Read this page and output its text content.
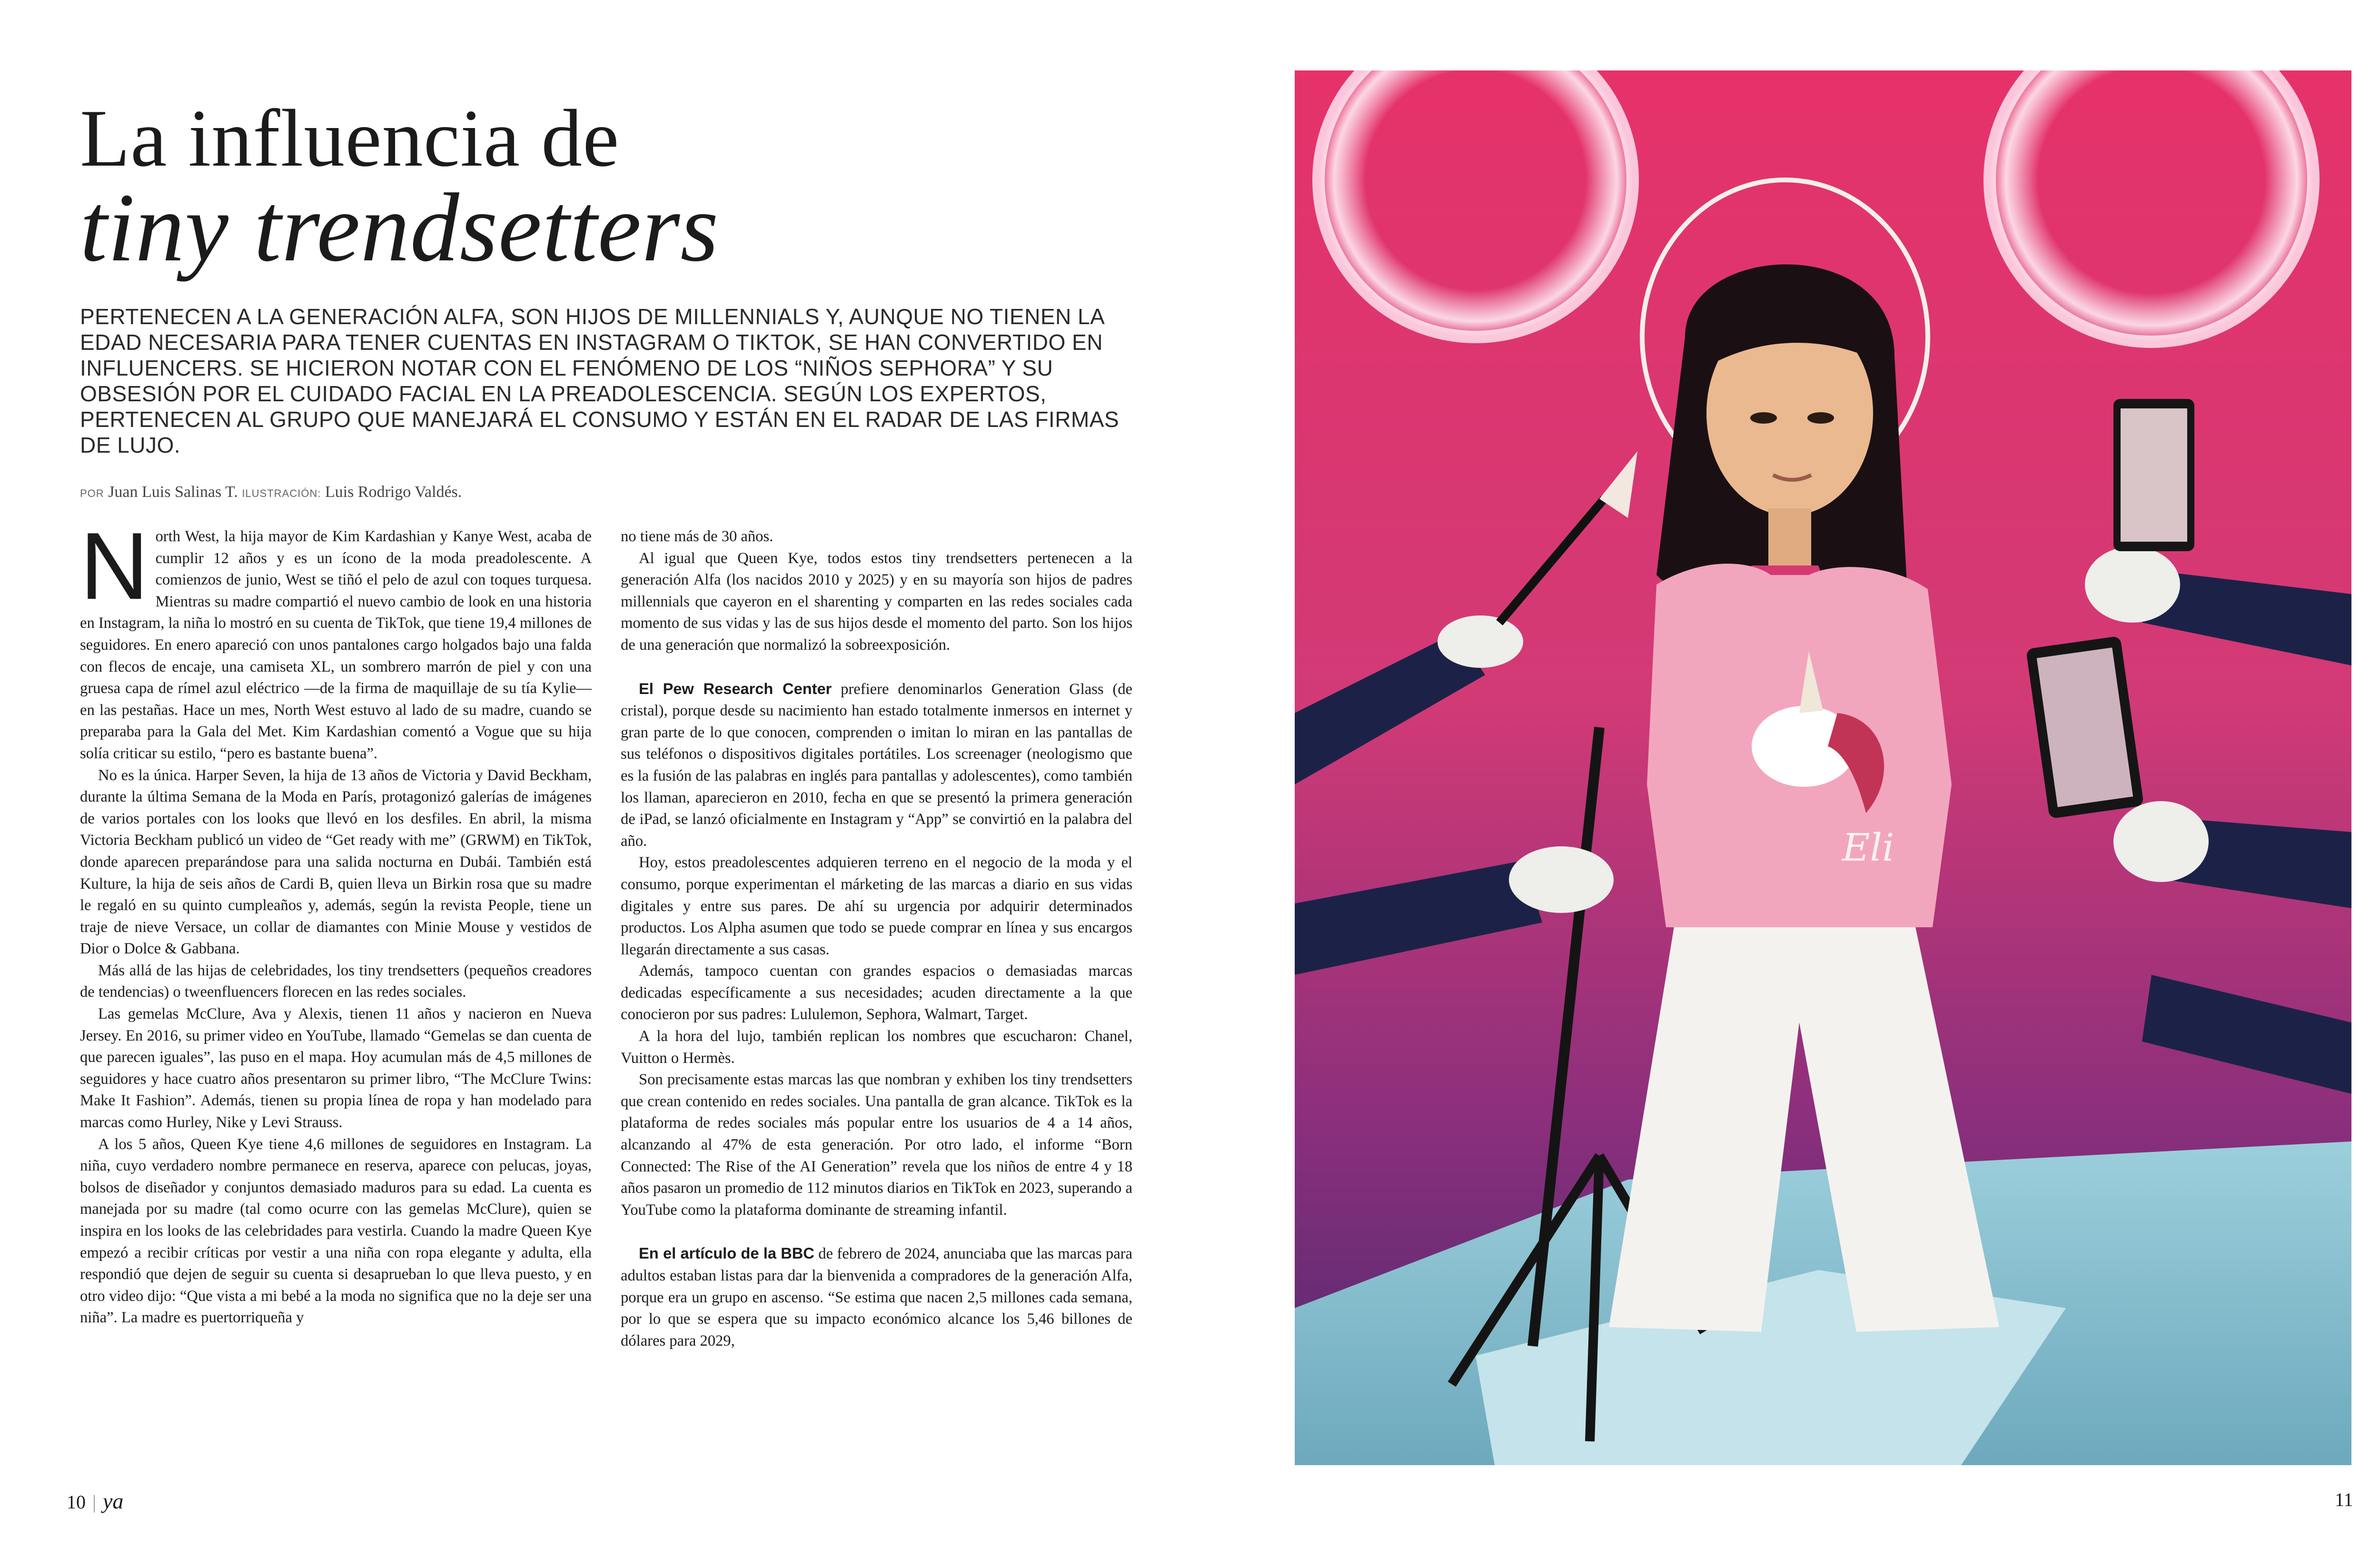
La influencia de
tiny trendsetters

PERTENECEN A LA GENERACIÓN ALFA, SON HIJOS DE MILLENNIALS Y, AUNQUE NO TIENEN LA EDAD NECESARIA PARA TENER CUENTAS EN INSTAGRAM O TIKTOK, SE HAN CONVERTIDO EN INFLUENCERS. SE HICIERON NOTAR CON EL FENÓMENO DE LOS “NIÑOS SEPHORA” Y SU OBSESIÓN POR EL CUIDADO FACIAL EN LA PREADOLESCENCIA. SEGÚN LOS EXPERTOS, PERTENECEN AL GRUPO QUE MANEJARÁ EL CONSUMO Y ESTÁN EN EL RADAR DE LAS FIRMAS DE LUJO.

POR Juan Luis Salinas T. ILUSTRACIÓN: Luis Rodrigo Valdés.

North West, la hija mayor de Kim Kardashian y Kanye West, acaba de cumplir 12 años y es un ícono de la moda preadolescente. A comienzos de junio, West se tiñó el pelo de azul con toques turquesa. Mientras su madre compartió el nuevo cambio de look en una historia en Instagram, la niña lo mostró en su cuenta de TikTok, que tiene 19,4 millones de seguidores. En enero apareció con unos pantalones cargo holgados bajo una falda con flecos de encaje, una camiseta XL, un sombrero marrón de piel y con una gruesa capa de rímel azul eléctrico —de la firma de maquillaje de su tía Kylie— en las pestañas. Hace un mes, North West estuvo al lado de su madre, cuando se preparaba para la Gala del Met. Kim Kardashian comentó a Vogue que su hija solía criticar su estilo, “pero es bastante buena”.

No es la única. Harper Seven, la hija de 13 años de Victoria y David Beckham, durante la última Semana de la Moda en París, protagonizó galerías de imágenes de varios portales con los looks que llevó en los desfiles. En abril, la misma Victoria Beckham publicó un video de “Get ready with me” (GRWM) en TikTok, donde aparecen preparándose para una salida nocturna en Dubái. También está Kulture, la hija de seis años de Cardi B, quien lleva un Birkin rosa que su madre le regaló en su quinto cumpleaños y, además, según la revista People, tiene un traje de nieve Versace, un collar de diamantes con Minie Mouse y vestidos de Dior o Dolce & Gabbana.

Más allá de las hijas de celebridades, los tiny trendsetters (pequeños creadores de tendencias) o tweenfluencers florecen en las redes sociales.

Las gemelas McClure, Ava y Alexis, tienen 11 años y nacieron en Nueva Jersey. En 2016, su primer video en YouTube, llamado “Gemelas se dan cuenta de que parecen iguales”, las puso en el mapa. Hoy acumulan más de 4,5 millones de seguidores y hace cuatro años presentaron su primer libro, “The McClure Twins: Make It Fashion”. Además, tienen su propia línea de ropa y han modelado para marcas como Hurley, Nike y Levi Strauss.

A los 5 años, Queen Kye tiene 4,6 millones de seguidores en Instagram. La niña, cuyo verdadero nombre permanece en reserva, aparece con pelucas, joyas, bolsos de diseñador y conjuntos demasiado maduros para su edad. La cuenta es manejada por su madre (tal como ocurre con las gemelas McClure), quien se inspira en los looks de las celebridades para vestirla. Cuando la madre Queen Kye empezó a recibir críticas por vestir a una niña con ropa elegante y adulta, ella respondió que dejen de seguir su cuenta si desaprueban lo que lleva puesto, y en otro video dijo: “Que vista a mi bebé a la moda no significa que no la deje ser una niña”. La madre es puertorriqueña y

no tiene más de 30 años.

Al igual que Queen Kye, todos estos tiny trendsetters pertenecen a la generación Alfa (los nacidos 2010 y 2025) y en su mayoría son hijos de padres millennials que cayeron en el sharenting y comparten en las redes sociales cada momento de sus vidas y las de sus hijos desde el momento del parto. Son los hijos de una generación que normalizó la sobreexposición.

El Pew Research Center prefiere denominarlos Generation Glass (de cristal), porque desde su nacimiento han estado totalmente inmersos en internet y gran parte de lo que conocen, comprenden o imitan lo miran en las pantallas de sus teléfonos o dispositivos digitales portátiles. Los screenager (neologismo que es la fusión de las palabras en inglés para pantallas y adolescentes), como también los llaman, aparecieron en 2010, fecha en que se presentó la primera generación de iPad, se lanzó oficialmente en Instagram y “App” se convirtió en la palabra del año.

Hoy, estos preadolescentes adquieren terreno en el negocio de la moda y el consumo, porque experimentan el márketing de las marcas a diario en sus vidas digitales y entre sus pares. De ahí su urgencia por adquirir determinados productos. Los Alpha asumen que todo se puede comprar en línea y sus encargos llegarán directamente a sus casas.

Además, tampoco cuentan con grandes espacios o demasiadas marcas dedicadas específicamente a sus necesidades; acuden directamente a la que conocieron por sus padres: Lululemon, Sephora, Walmart, Target.

A la hora del lujo, también replican los nombres que escucharon: Chanel, Vuitton o Hermès.

Son precisamente estas marcas las que nombran y exhiben los tiny trendsetters que crean contenido en redes sociales. Una pantalla de gran alcance. TikTok es la plataforma de redes sociales más popular entre los usuarios de 4 a 14 años, alcanzando al 47% de esta generación. Por otro lado, el informe “Born Connected: The Rise of the AI Generation” revela que los niños de entre 4 y 18 años pasaron un promedio de 112 minutos diarios en TikTok en 2023, superando a YouTube como la plataforma dominante de streaming infantil.

En el artículo de la BBC de febrero de 2024, anunciaba que las marcas para adultos estaban listas para dar la bienvenida a compradores de la generación Alfa, porque era un grupo en ascenso. “Se estima que nacen 2,5 millones cada semana, por lo que se espera que su impacto económico alcance los 5,46 billones de dólares para 2029,

10 | ya	11
Eli
